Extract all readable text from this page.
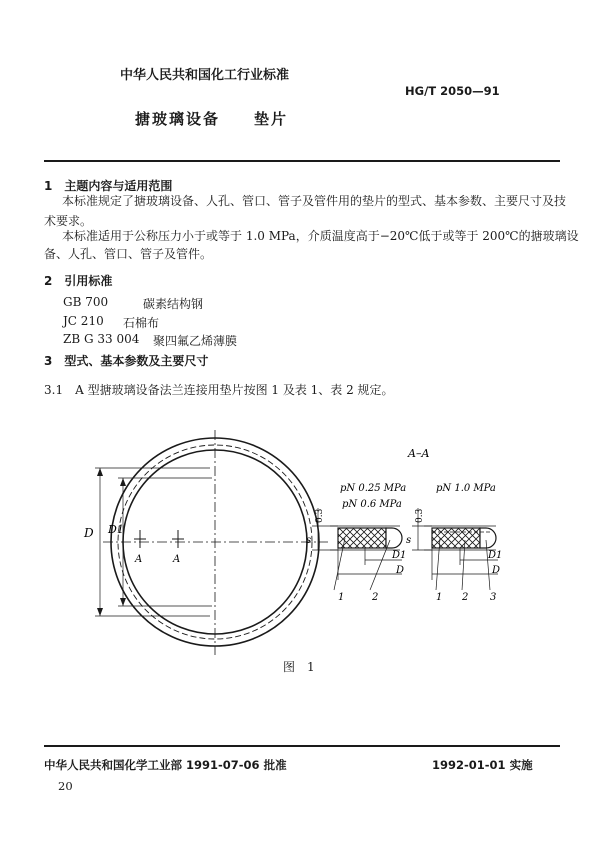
中华人民共和国化工行业标准
HG/T 2050—91
搪玻璃设备　　垫片
1　主题内容与适用范围
本标准规定了搪玻璃设备、人孔、管口、管子及管件用的垫片的型式、基本参数、主要尺寸及技
术要求。
本标准适用于公称压力小于或等于 1.0 MPa，介质温度高于−20℃低于或等于 200℃的搪玻璃设
备、人孔、管口、管子及管件。
2　引用标准
GB 700	碳素结构钢
JC 210 石棉布
ZB G 33 004 聚四氟乙烯薄膜
3　型式、基本参数及主要尺寸
3.1　A 型搪玻璃设备法兰连接用垫片按图 1 及表 1、表 2 规定。
D D1
A	A
A–A
pN 0.25 MPa
pN 0.6 MPa
0.3
s
D1
D
1	2
pN 1.0 MPa
0.3
s
D1
D
1 2 3
图　1
中华人民共和国化学工业部 1991-07-06 批准	1992-01-01 实施
20
